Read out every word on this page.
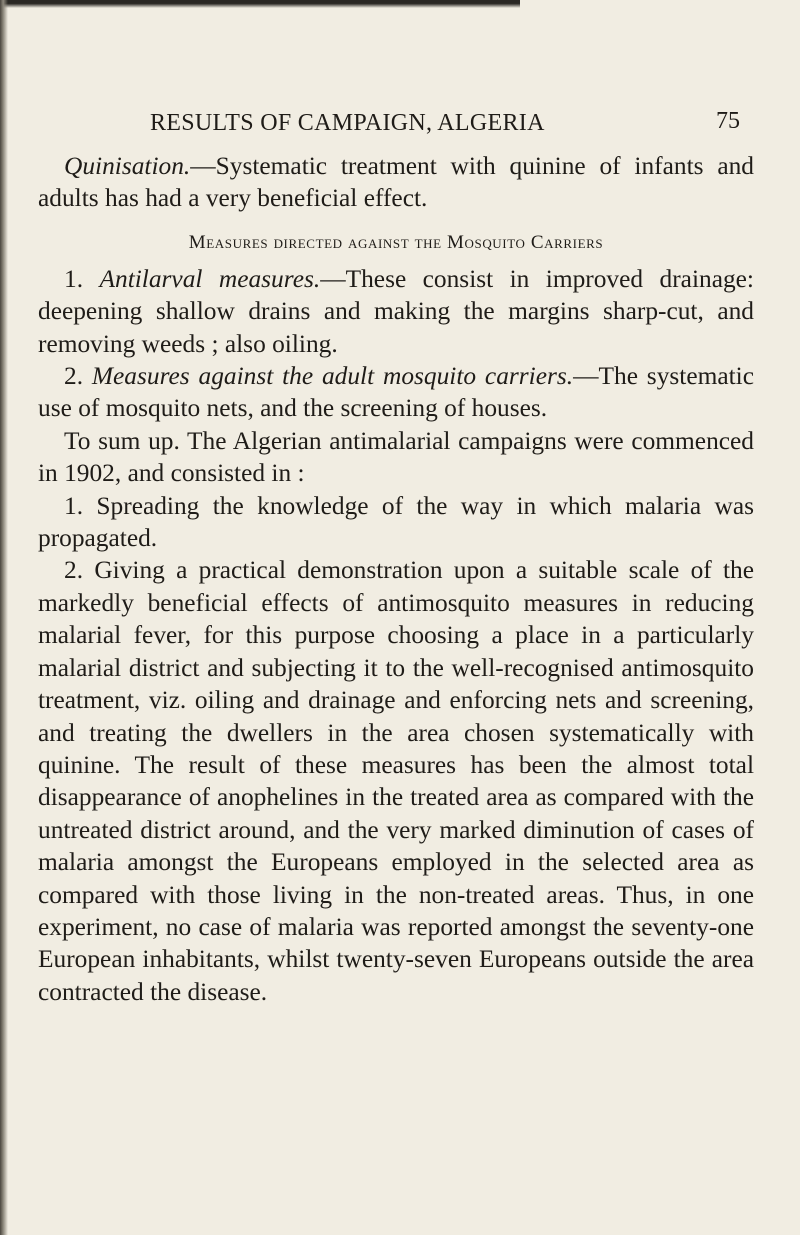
RESULTS OF CAMPAIGN, ALGERIA	75

Quinisation.—Systematic treatment with quinine of infants and adults has had a very beneficial effect.

Measures directed against the Mosquito Carriers

1. Antilarval measures.—These consist in improved drainage: deepening shallow drains and making the margins sharp-cut, and removing weeds ; also oiling.

2. Measures against the adult mosquito carriers.—The systematic use of mosquito nets, and the screening of houses.

To sum up. The Algerian antimalarial campaigns were commenced in 1902, and consisted in :

1. Spreading the knowledge of the way in which malaria was propagated.

2. Giving a practical demonstration upon a suitable scale of the markedly beneficial effects of antimosquito measures in reducing malarial fever, for this purpose choosing a place in a particularly malarial district and subjecting it to the well-recognised antimosquito treatment, viz. oiling and drainage and enforcing nets and screening, and treating the dwellers in the area chosen systematically with quinine. The result of these measures has been the almost total disappearance of anophelines in the treated area as compared with the untreated district around, and the very marked diminution of cases of malaria amongst the Europeans employed in the selected area as compared with those living in the non-treated areas. Thus, in one experiment, no case of malaria was reported amongst the seventy-one European inhabitants, whilst twenty-seven Europeans outside the area contracted the disease.
